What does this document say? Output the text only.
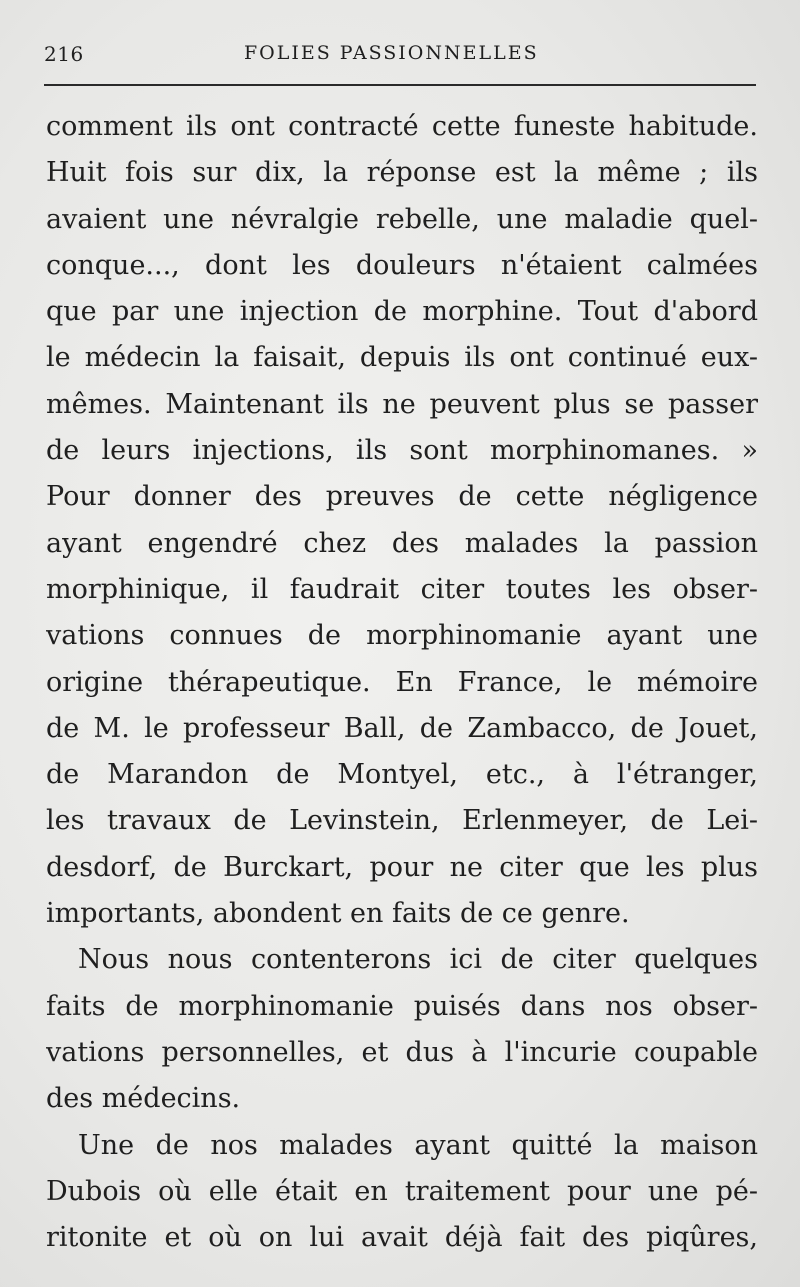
216	FOLIES PASSIONNELLES
comment ils ont contracté cette funeste habitude.
Huit fois sur dix, la réponse est la même ; ils
avaient une névralgie rebelle, une maladie quel-
conque..., dont les douleurs n'étaient calmées
que par une injection de morphine. Tout d'abord
le médecin la faisait, depuis ils ont continué eux-
mêmes. Maintenant ils ne peuvent plus se passer
de leurs injections, ils sont morphinomanes. »
Pour donner des preuves de cette négligence
ayant engendré chez des malades la passion
morphinique, il faudrait citer toutes les obser-
vations connues de morphinomanie ayant une
origine thérapeutique. En France, le mémoire
de M. le professeur Ball, de Zambacco, de Jouet,
de Marandon de Montyel, etc., à l'étranger,
les travaux de Levinstein, Erlenmeyer, de Lei-
desdorf, de Burckart, pour ne citer que les plus
importants, abondent en faits de ce genre.
Nous nous contenterons ici de citer quelques
faits de morphinomanie puisés dans nos obser-
vations personnelles, et dus à l'incurie coupable
des médecins.
Une de nos malades ayant quitté la maison
Dubois où elle était en traitement pour une pé-
ritonite et où on lui avait déjà fait des piqûres,
